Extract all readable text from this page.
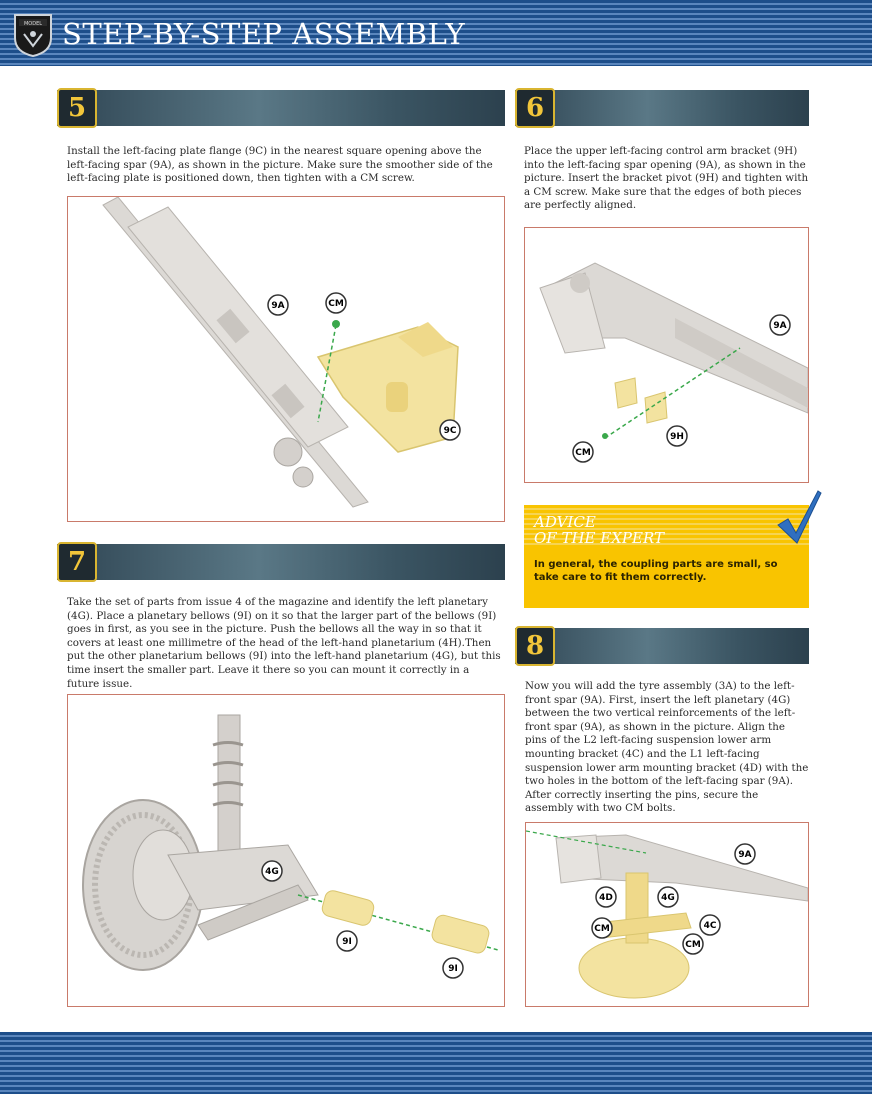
MODEL STEP-BY-STEP ASSEMBLY
5

Install the left-facing plate flange (9C) in the nearest square opening above the left-facing spar (9A), as shown in the picture. Make sure the smoother side of the left-facing plate is positioned down, then tighten with a CM screw.

9A	CM
9C
6

Place the upper left-facing control arm bracket (9H) into the left-facing spar opening (9A), as shown in the picture. Insert the bracket pivot (9H) and tighten with a CM screw. Make sure that the edges of both pieces are perfectly aligned.

9A
9H
CM
ADVICE
OF THE EXPERT

In general, the coupling parts are small, so take care to fit them correctly.

7

Take the set of parts from issue 4 of the magazine and identify the left planetary (4G). Place a planetary bellows (9I) on it so that the larger part of the bellows (9I) goes in first, as you see in the picture. Push the bellows all the way in so that it covers at least one millimetre of the head of the left-hand planetarium (4H).Then put the other planetarium bellows (9I) into the left-hand planetarium (4G), but this time insert the smaller part. Leave it there so you can mount it correctly in a future issue.

4G
9I
9I
8

Now you will add the tyre assembly (3A) to the left-front spar (9A). First, insert the left planetary (4G) between the two vertical reinforcements of the left-front spar (9A), as shown in the picture. Align the pins of the L2 left-facing suspension lower arm mounting bracket (4C) and the L1 left-facing suspension lower arm mounting bracket (4D) with the two holes in the bottom of the left-facing spar (9A). After correctly inserting the pins, secure the assembly with two CM bolts.

9A
4D	4G
4C
CM
CM
